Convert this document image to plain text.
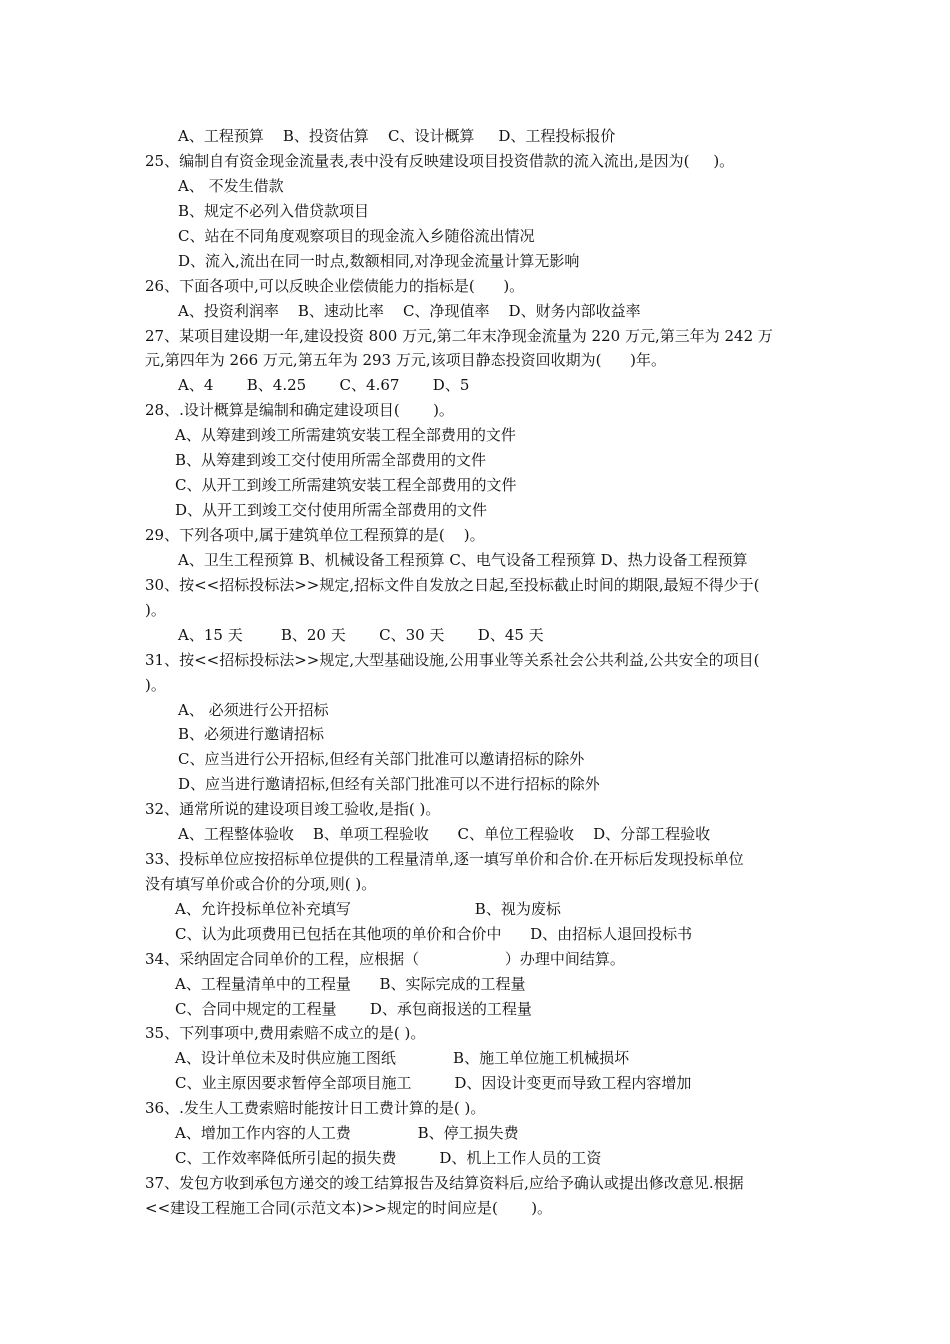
A、工程预算    B、投资估算    C、设计概算     D、工程投标报价
25、编制自有资金现金流量表,表中没有反映建设项目投资借款的流入流出,是因为(     )。
A、 不发生借款
B、规定不必列入借贷款项目
C、站在不同角度观察项目的现金流入乡随俗流出情况
D、流入,流出在同一时点,数额相同,对净现金流量计算无影响
26、下面各项中,可以反映企业偿债能力的指标是(      )。
A、投资利润率    B、速动比率    C、净现值率    D、财务内部收益率
27、某项目建设期一年,建设投资 800 万元,第二年末净现金流量为 220 万元,第三年为 242 万
元,第四年为 266 万元,第五年为 293 万元,该项目静态投资回收期为(      )年。
A、4       B、4.25       C、4.67       D、5
28、.设计概算是编制和确定建设项目(       )。
A、从筹建到竣工所需建筑安装工程全部费用的文件
B、从筹建到竣工交付使用所需全部费用的文件
C、从开工到竣工所需建筑安装工程全部费用的文件
D、从开工到竣工交付使用所需全部费用的文件
29、下列各项中,属于建筑单位工程预算的是(    )。
A、卫生工程预算 B、机械设备工程预算 C、电气设备工程预算 D、热力设备工程预算
30、按<<招标投标法>>规定,招标文件自发放之日起,至投标截止时间的期限,最短不得少于(
)。
A、15 天        B、20 天       C、30 天       D、45 天
31、按<<招标投标法>>规定,大型基础设施,公用事业等关系社会公共利益,公共安全的项目(
)。
A、 必须进行公开招标
B、必须进行邀请招标
C、应当进行公开招标,但经有关部门批准可以邀请招标的除外
D、应当进行邀请招标,但经有关部门批准可以不进行招标的除外
32、通常所说的建设项目竣工验收,是指( )。
A、工程整体验收    B、单项工程验收      C、单位工程验收    D、分部工程验收
33、投标单位应按招标单位提供的工程量清单,逐一填写单价和合价.在开标后发现投标单位
没有填写单价或合价的分项,则( )。
A、允许投标单位补充填写                          B、视为废标
C、认为此项费用已包括在其他项的单价和合价中      D、由招标人退回投标书
34、采纳固定合同单价的工程，应根据（                  ）办理中间结算。
A、工程量清单中的工程量      B、实际完成的工程量
C、合同中规定的工程量       D、承包商报送的工程量
35、下列事项中,费用索赔不成立的是( )。
A、设计单位未及时供应施工图纸            B、施工单位施工机械损坏
C、业主原因要求暂停全部项目施工         D、因设计变更而导致工程内容增加
36、.发生人工费索赔时能按计日工费计算的是( )。
A、增加工作内容的人工费              B、停工损失费
C、工作效率降低所引起的损失费         D、机上工作人员的工资
37、发包方收到承包方递交的竣工结算报告及结算资料后,应给予确认或提出修改意见.根据
<<建设工程施工合同(示范文本)>>规定的时间应是(       )。
